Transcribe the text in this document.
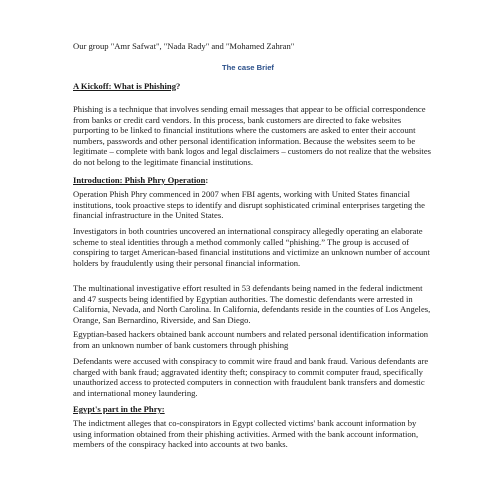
Our group "Amr Safwat", "Nada Rady" and "Mohamed Zahran"

The case Brief

A Kickoff: What is Phishing?

Phishing is a technique that involves sending email messages that appear to be official correspondence from banks or credit card vendors. In this process, bank customers are directed to fake websites purporting to be linked to financial institutions where the customers are asked to enter their account numbers, passwords and other personal identification information. Because the websites seem to be legitimate – complete with bank logos and legal disclaimers – customers do not realize that the websites do not belong to the legitimate financial institutions.

Introduction: Phish Phry Operation:

Operation Phish Phry commenced in 2007 when FBI agents, working with United States financial institutions, took proactive steps to identify and disrupt sophisticated criminal enterprises targeting the financial infrastructure in the United States.

Investigators in both countries uncovered an international conspiracy allegedly operating an elaborate scheme to steal identities through a method commonly called “phishing.” The group is accused of conspiring to target American-based financial institutions and victimize an unknown number of account holders by fraudulently using their personal financial information.

The multinational investigative effort resulted in 53 defendants being named in the federal indictment and 47 suspects being identified by Egyptian authorities. The domestic defendants were arrested in California, Nevada, and North Carolina. In California, defendants reside in the counties of Los Angeles, Orange, San Bernardino, Riverside, and San Diego.

Egyptian-based hackers obtained bank account numbers and related personal identification information from an unknown number of bank customers through phishing

Defendants were accused with conspiracy to commit wire fraud and bank fraud. Various defendants are charged with bank fraud; aggravated identity theft; conspiracy to commit computer fraud, specifically unauthorized access to protected computers in connection with fraudulent bank transfers and domestic and international money laundering.

Egypt's part in the Phry:

The indictment alleges that co-conspirators in Egypt collected victims' bank account information by using information obtained from their phishing activities. Armed with the bank account information, members of the conspiracy hacked into accounts at two banks.
